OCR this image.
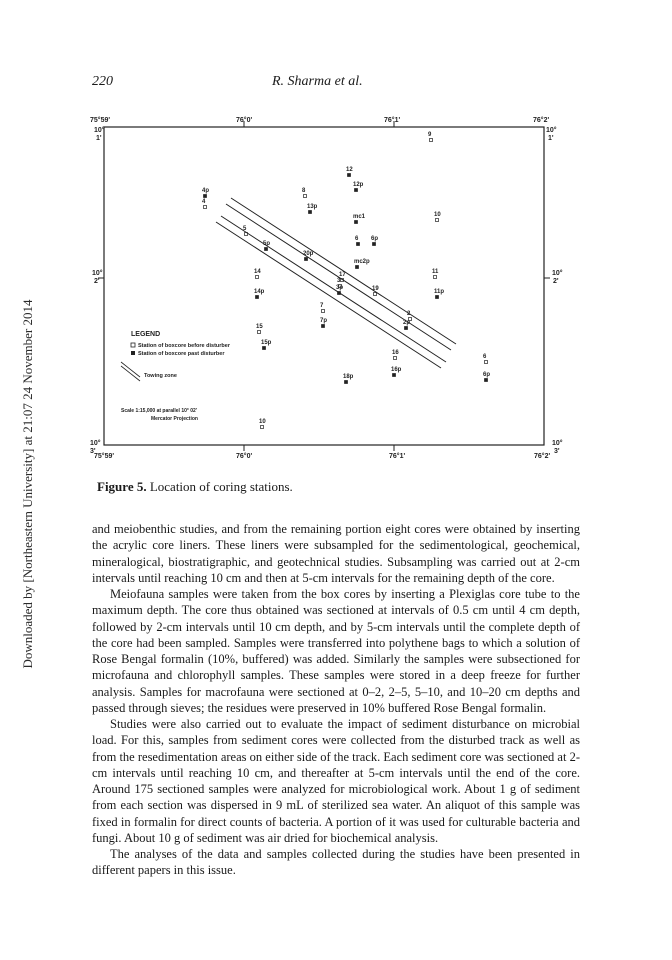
Downloaded by [Northeastern University] at 21:07 24 November 2014
220	R. Sharma et al.
75°59'	76°0'	76°1'	76°2'
75°59'	76°0'	76°1'	76°2'
10°
1'
10°
2'
10°
3'
10°
1'
10°
2'
10°
3'
9
12
12p
4p
4
8
13p
mc1	10
5
5p
6 6p
20p
mc2p
14	11
17
3
3p
11p
14p	19
7
7p
2
2p
15
15p
16
16p
6
6p
18p
10
LEGEND
Station of boxcore before disturber
Station of boxcore past disturber
Towing zone
Scale 1:15,000 at parallel 10° 02'
Mercator Projection
Figure 5. Location of coring stations.

and meiobenthic studies, and from the remaining portion eight cores were obtained by inserting the acrylic core liners. These liners were subsampled for the sedimentological, geochemical, mineralogical, biostratigraphic, and geotechnical studies. Subsampling was carried out at 2-cm intervals until reaching 10 cm and then at 5-cm intervals for the remaining depth of the core.

Meiofauna samples were taken from the box cores by inserting a Plexiglas core tube to the maximum depth. The core thus obtained was sectioned at intervals of 0.5 cm until 4 cm depth, followed by 2-cm intervals until 10 cm depth, and by 5-cm intervals until the complete depth of the core had been sampled. Samples were transferred into polythene bags to which a solution of Rose Bengal formalin (10%, buffered) was added. Similarly the samples were subsectioned for microfauna and chlorophyll samples. These samples were stored in a deep freeze for further analysis. Samples for macrofauna were sectioned at 0–2, 2–5, 5–10, and 10–20 cm depths and passed through sieves; the residues were preserved in 10% buffered Rose Bengal formalin.

Studies were also carried out to evaluate the impact of sediment disturbance on microbial load. For this, samples from sediment cores were collected from the disturbed track as well as from the resedimentation areas on either side of the track. Each sediment core was sectioned at 2-cm intervals until reaching 10 cm, and thereafter at 5-cm intervals until the end of the core. Around 175 sectioned samples were analyzed for microbiological work. About 1 g of sediment from each section was dispersed in 9 mL of sterilized sea water. An aliquot of this sample was fixed in formalin for direct counts of bacteria. A portion of it was used for culturable bacteria and fungi. About 10 g of sediment was air dried for biochemical analysis.

The analyses of the data and samples collected during the studies have been presented in different papers in this issue.
